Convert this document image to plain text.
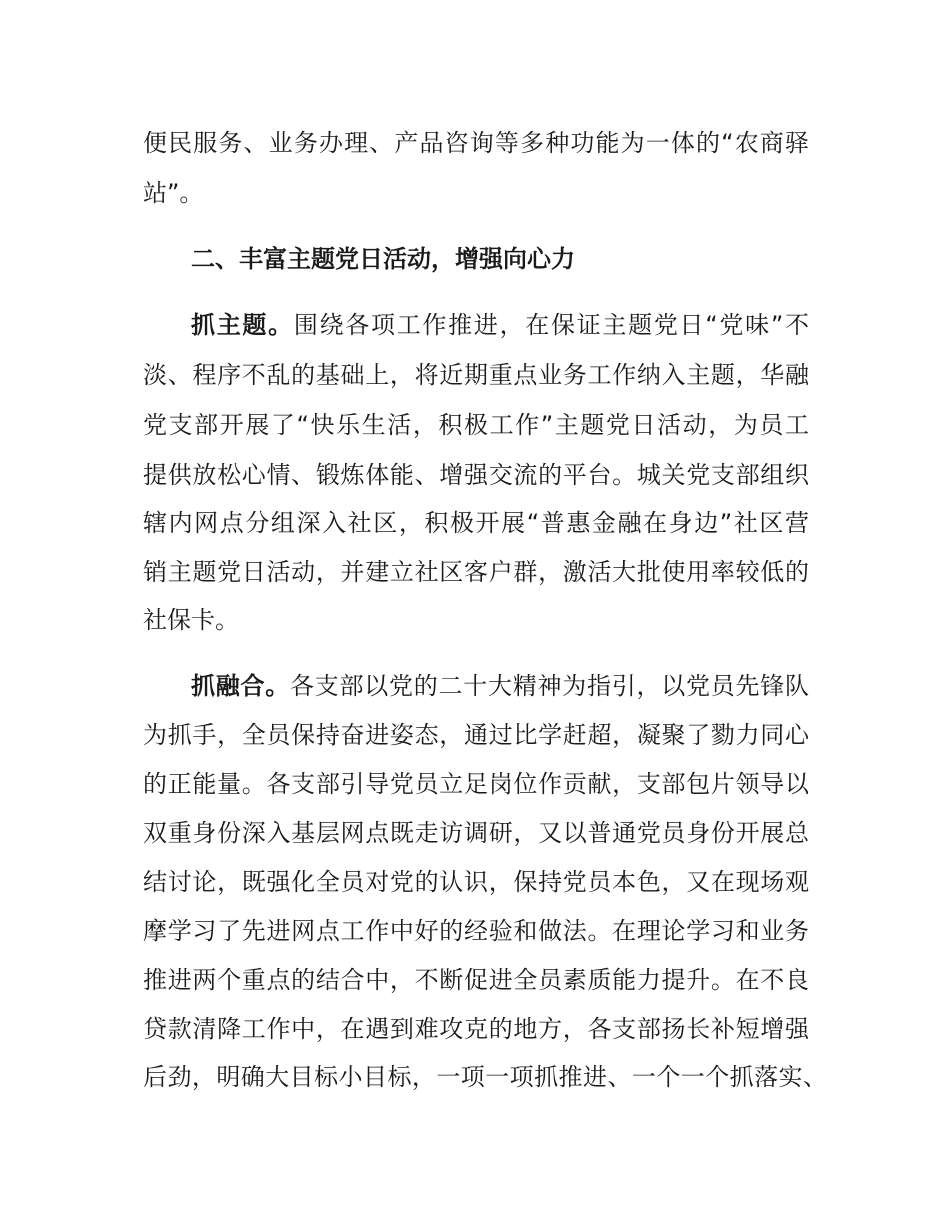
便民服务、业务办理、产品咨询等多种功能为一体的“农商驿
站”。
二、丰富主题党日活动，增强向心力
抓主题。围绕各项工作推进，在保证主题党日“党味”不
淡、程序不乱的基础上，将近期重点业务工作纳入主题，华融
党支部开展了“快乐生活，积极工作”主题党日活动，为员工
提供放松心情、锻炼体能、增强交流的平台。城关党支部组织
辖内网点分组深入社区，积极开展“普惠金融在身边”社区营
销主题党日活动，并建立社区客户群，激活大批使用率较低的
社保卡。
抓融合。各支部以党的二十大精神为指引，以党员先锋队
为抓手，全员保持奋进姿态，通过比学赶超，凝聚了勠力同心
的正能量。各支部引导党员立足岗位作贡献，支部包片领导以
双重身份深入基层网点既走访调研，又以普通党员身份开展总
结讨论，既强化全员对党的认识，保持党员本色，又在现场观
摩学习了先进网点工作中好的经验和做法。在理论学习和业务
推进两个重点的结合中，不断促进全员素质能力提升。在不良
贷款清降工作中，在遇到难攻克的地方，各支部扬长补短增强
后劲，明确大目标小目标，一项一项抓推进、一个一个抓落实、
